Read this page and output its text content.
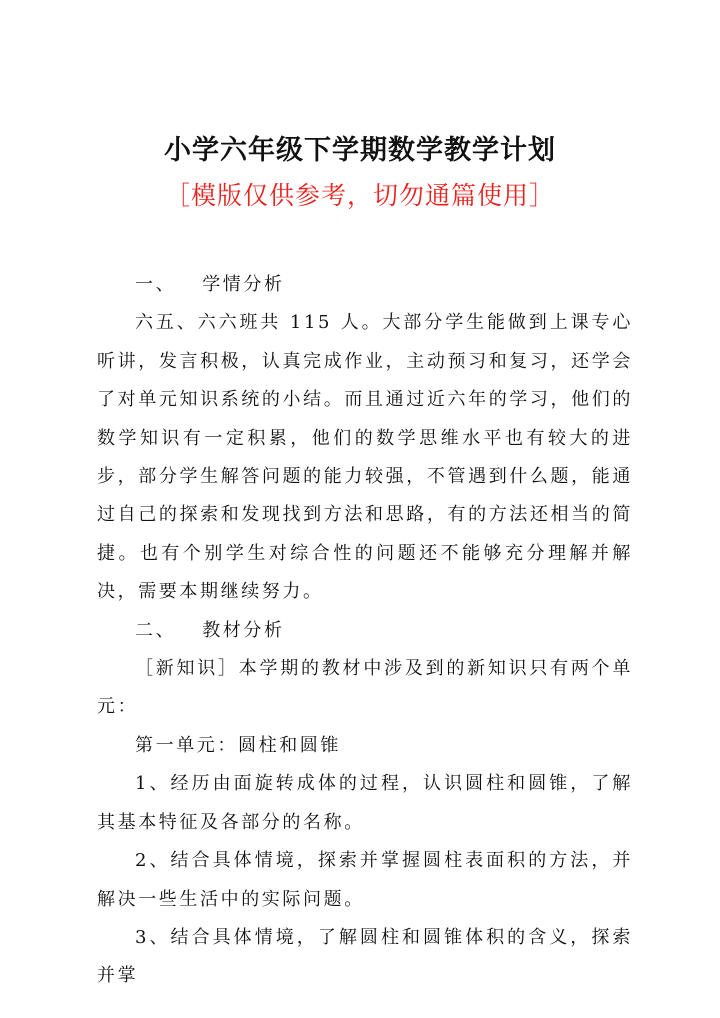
小学六年级下学期数学教学计划
［模版仅供参考，切勿通篇使用］

一、 学情分析

六五、六六班共 115 人。大部分学生能做到上课专心听讲，发言积极，认真完成作业，主动预习和复习，还学会了对单元知识系统的小结。而且通过近六年的学习，他们的数学知识有一定积累，他们的数学思维水平也有较大的进步，部分学生解答问题的能力较强，不管遇到什么题，能通过自己的探索和发现找到方法和思路，有的方法还相当的简捷。也有个别学生对综合性的问题还不能够充分理解并解决，需要本期继续努力。

二、 教材分析

［新知识］本学期的教材中涉及到的新知识只有两个单元：

第一单元：圆柱和圆锥

1、经历由面旋转成体的过程，认识圆柱和圆锥，了解其基本特征及各部分的名称。

2、结合具体情境，探索并掌握圆柱表面积的方法，并解决一些生活中的实际问题。

3、结合具体情境，了解圆柱和圆锥体积的含义，探索并掌
